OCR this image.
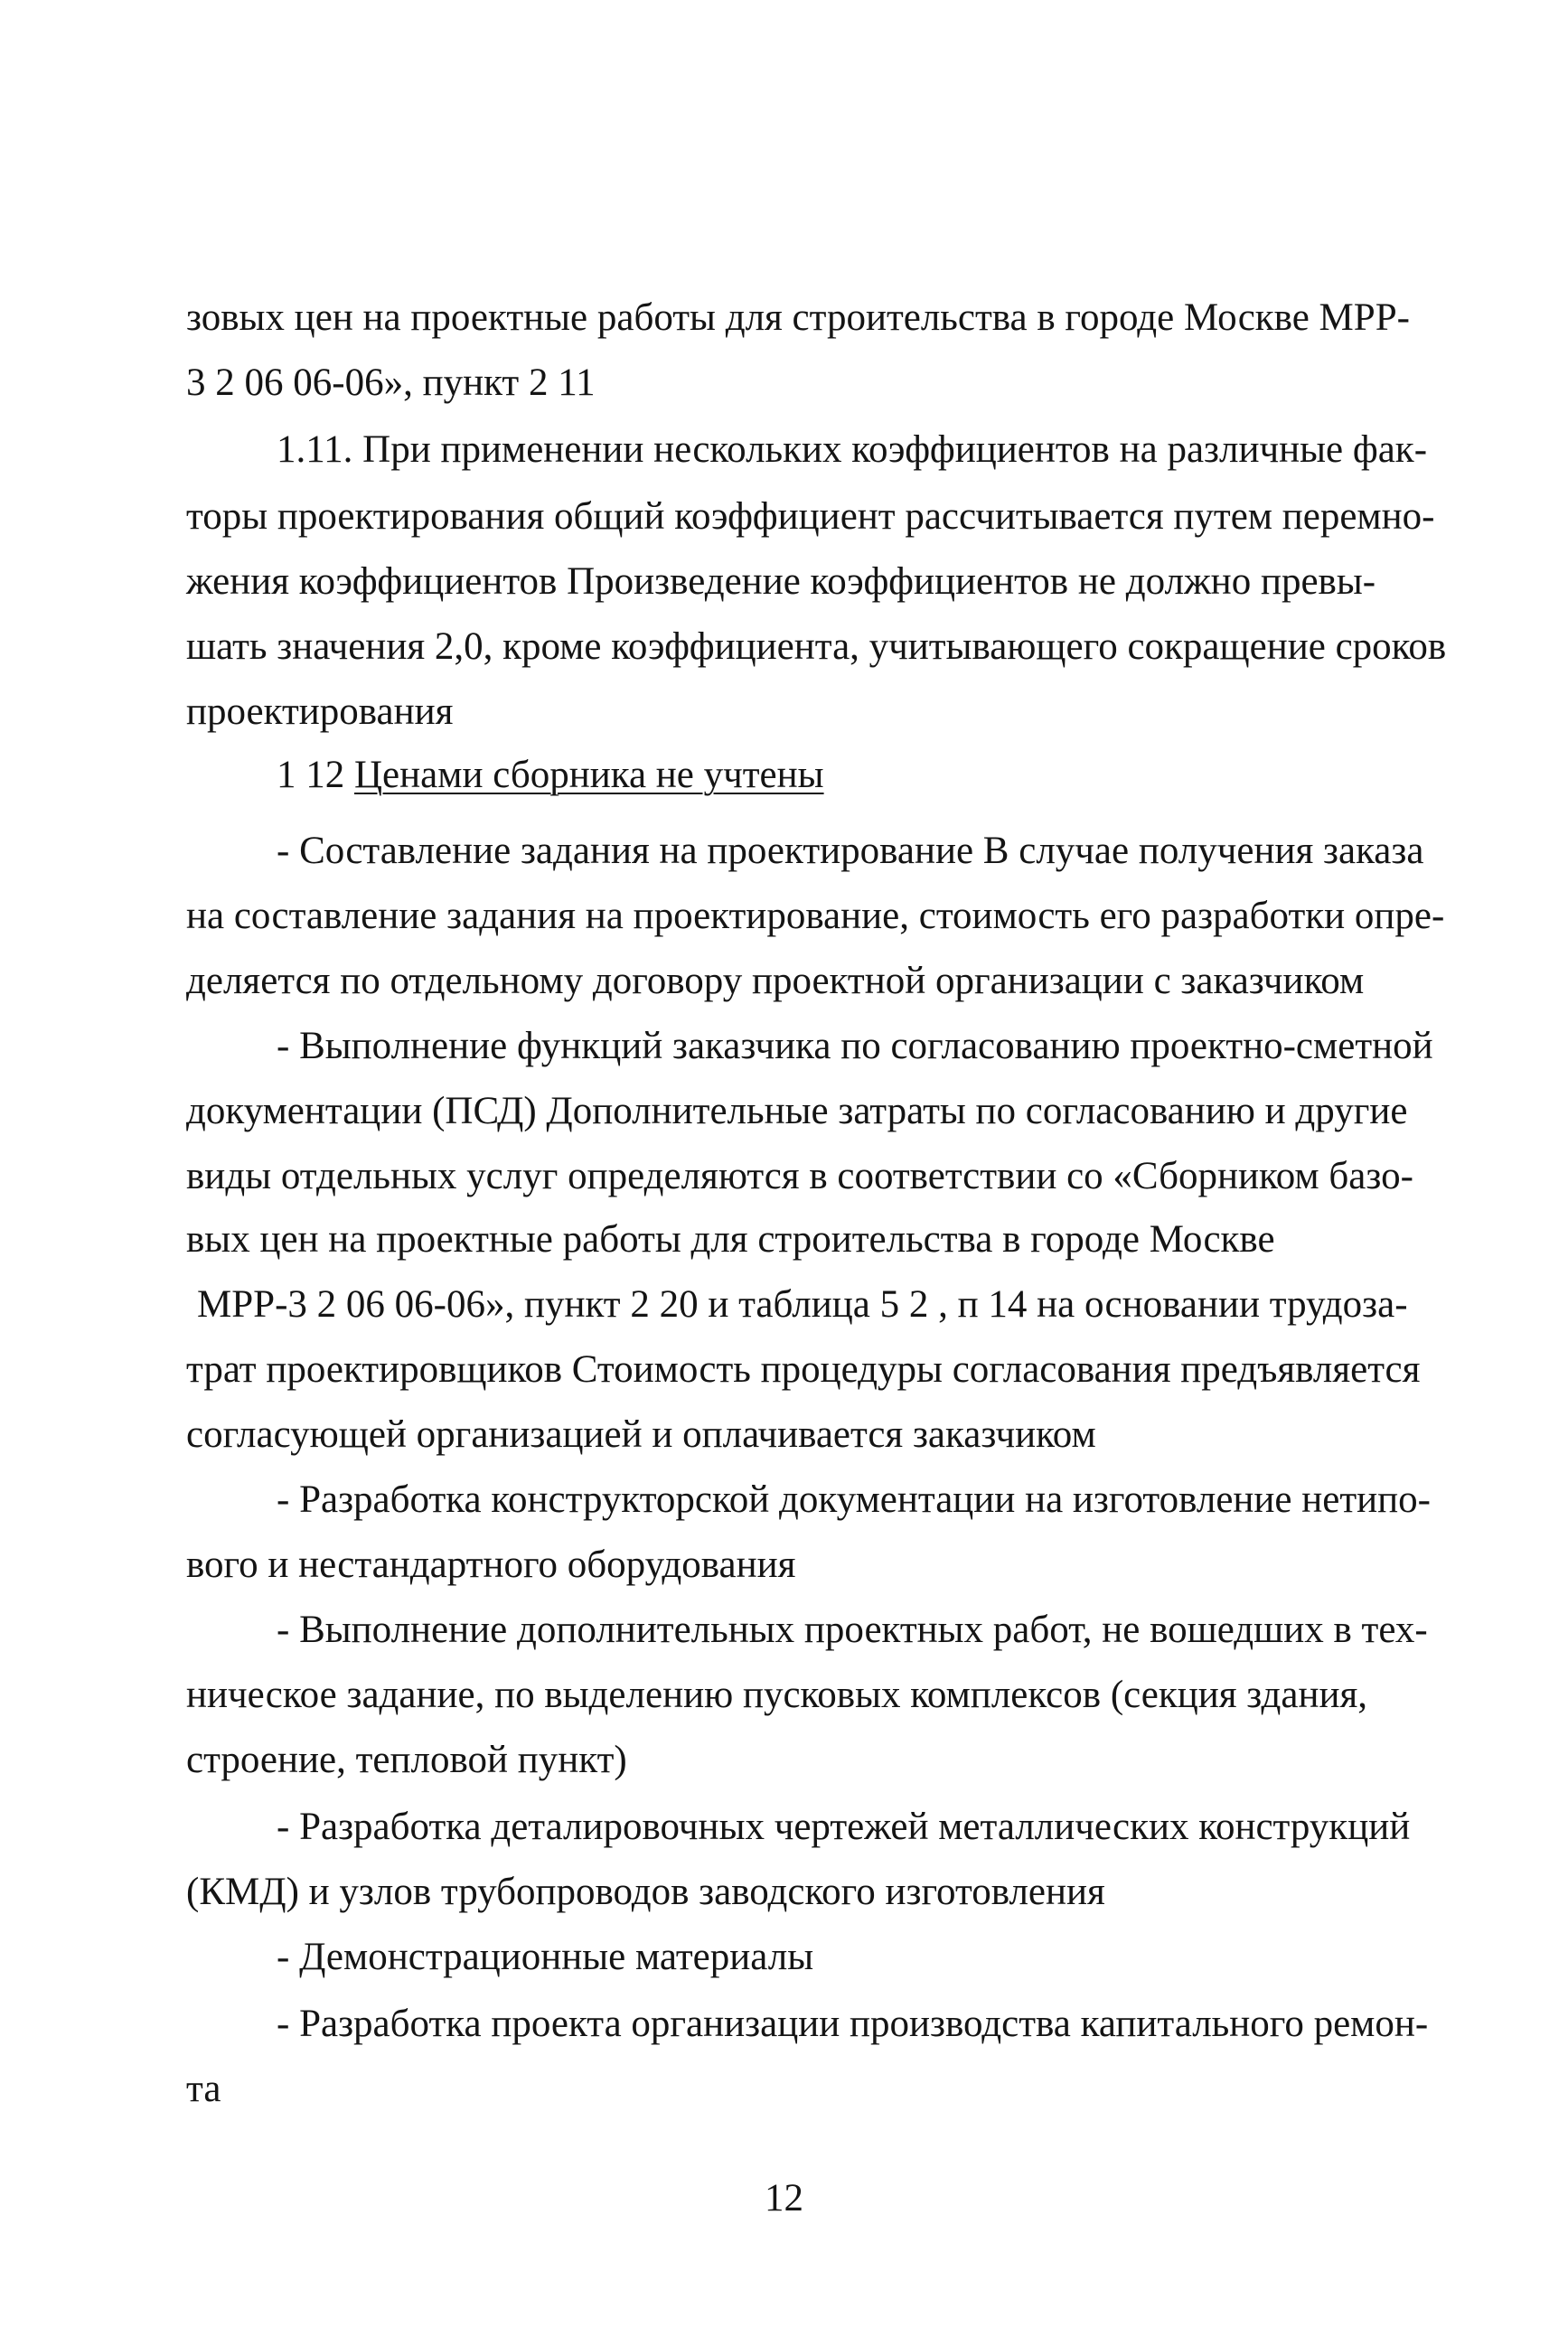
зовых цен на проектные работы для строительства в городе Москве МРР-

3 2 06 06-06», пункт 2 11

1.11. При применении нескольких коэффициентов на различные фак-

торы проектирования общий коэффициент рассчитывается путем перемно-

жения коэффициентов Произведение коэффициентов не должно превы-

шать значения 2,0, кроме коэффициента, учитывающего сокращение сроков

проектирования

1 12 Ценами сборника не учтены

- Составление задания на проектирование В случае получения заказа

на составление задания на проектирование, стоимость его разработки опре-

деляется по отдельному договору проектной организации с заказчиком

- Выполнение функций заказчика по согласованию проектно-сметной

документации (ПСД) Дополнительные затраты по согласованию и другие

виды отдельных услуг определяются в соответствии со «Сборником базо-

вых цен на проектные работы для строительства в городе Москве

МРР-3 2 06 06-06», пункт 2 20 и таблица 5 2 , п 14 на основании трудоза-

трат проектировщиков Стоимость процедуры согласования предъявляется

согласующей организацией и оплачивается заказчиком

- Разработка конструкторской документации на изготовление нетипо-

вого и нестандартного оборудования

- Выполнение дополнительных проектных работ, не вошедших в тех-

ническое задание, по выделению пусковых комплексов (секция здания,

строение, тепловой пункт)

- Разработка деталировочных чертежей металлических конструкций

(КМД) и узлов трубопроводов заводского изготовления

- Демонстрационные материалы

- Разработка проекта организации производства капитального ремон-

та

12
